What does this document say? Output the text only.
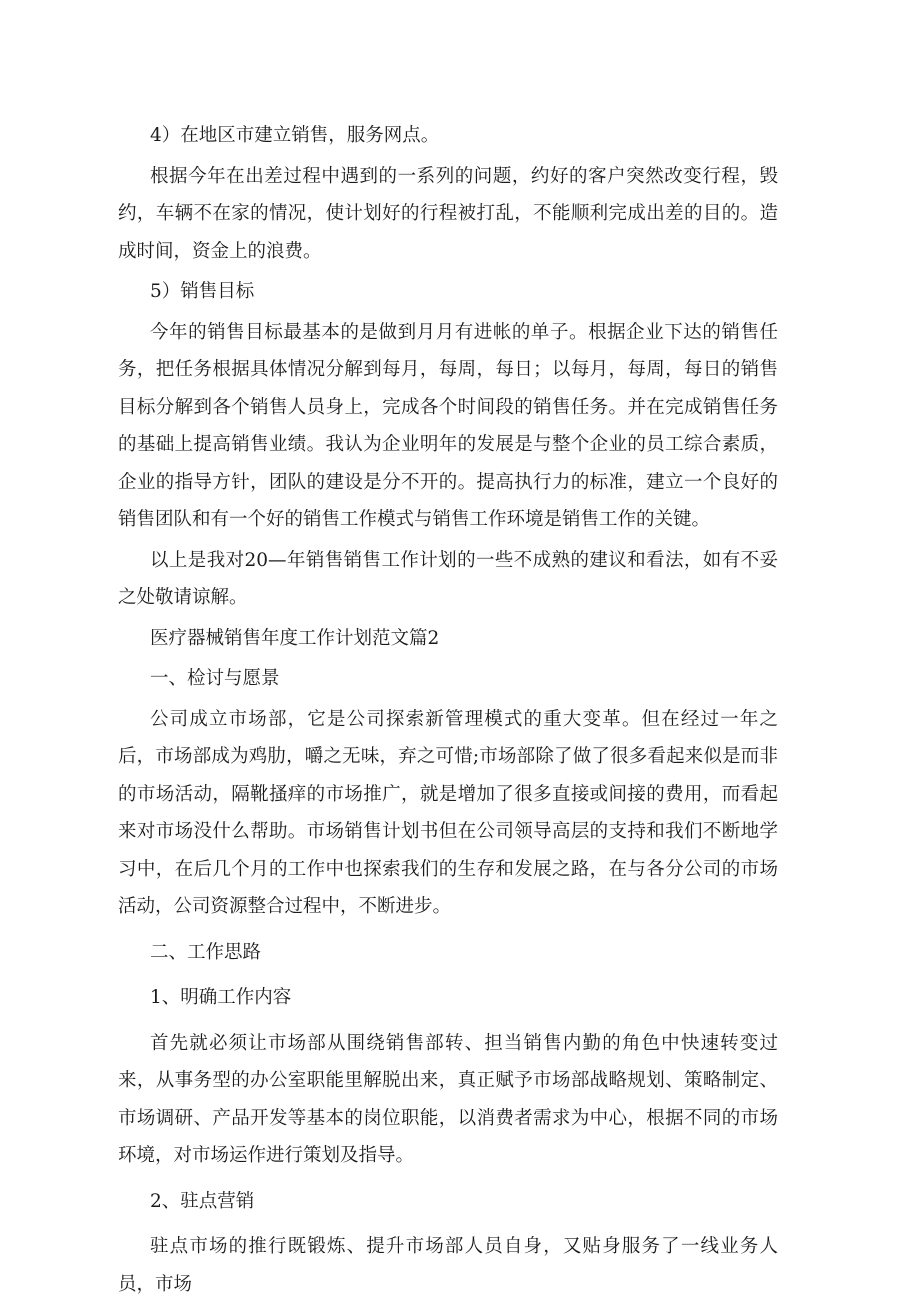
4）在地区市建立销售，服务网点。

根据今年在出差过程中遇到的一系列的问题，约好的客户突然改变行程，毁约，车辆不在家的情况，使计划好的行程被打乱，不能顺利完成出差的目的。造成时间，资金上的浪费。

5）销售目标

今年的销售目标最基本的是做到月月有进帐的单子。根据企业下达的销售任务，把任务根据具体情况分解到每月，每周，每日；以每月，每周，每日的销售目标分解到各个销售人员身上，完成各个时间段的销售任务。并在完成销售任务的基础上提高销售业绩。我认为企业明年的发展是与整个企业的员工综合素质，企业的指导方针，团队的建设是分不开的。提高执行力的标准，建立一个良好的销售团队和有一个好的销售工作模式与销售工作环境是销售工作的关键。

以上是我对20—年销售销售工作计划的一些不成熟的建议和看法，如有不妥之处敬请谅解。

医疗器械销售年度工作计划范文篇2

一、检讨与愿景

公司成立市场部，它是公司探索新管理模式的重大变革。但在经过一年之后，市场部成为鸡肋，嚼之无味，弃之可惜;市场部除了做了很多看起来似是而非的市场活动，隔靴搔痒的市场推广，就是增加了很多直接或间接的费用，而看起来对市场没什么帮助。市场销售计划书但在公司领导高层的支持和我们不断地学习中，在后几个月的工作中也探索我们的生存和发展之路，在与各分公司的市场活动，公司资源整合过程中，不断进步。

二、工作思路

1、明确工作内容

首先就必须让市场部从围绕销售部转、担当销售内勤的角色中快速转变过来，从事务型的办公室职能里解脱出来，真正赋予市场部战略规划、策略制定、市场调研、产品开发等基本的岗位职能，以消费者需求为中心，根据不同的市场环境，对市场运作进行策划及指导。

2、驻点营销

驻点市场的推行既锻炼、提升市场部人员自身，又贴身服务了一线业务人员，市场
